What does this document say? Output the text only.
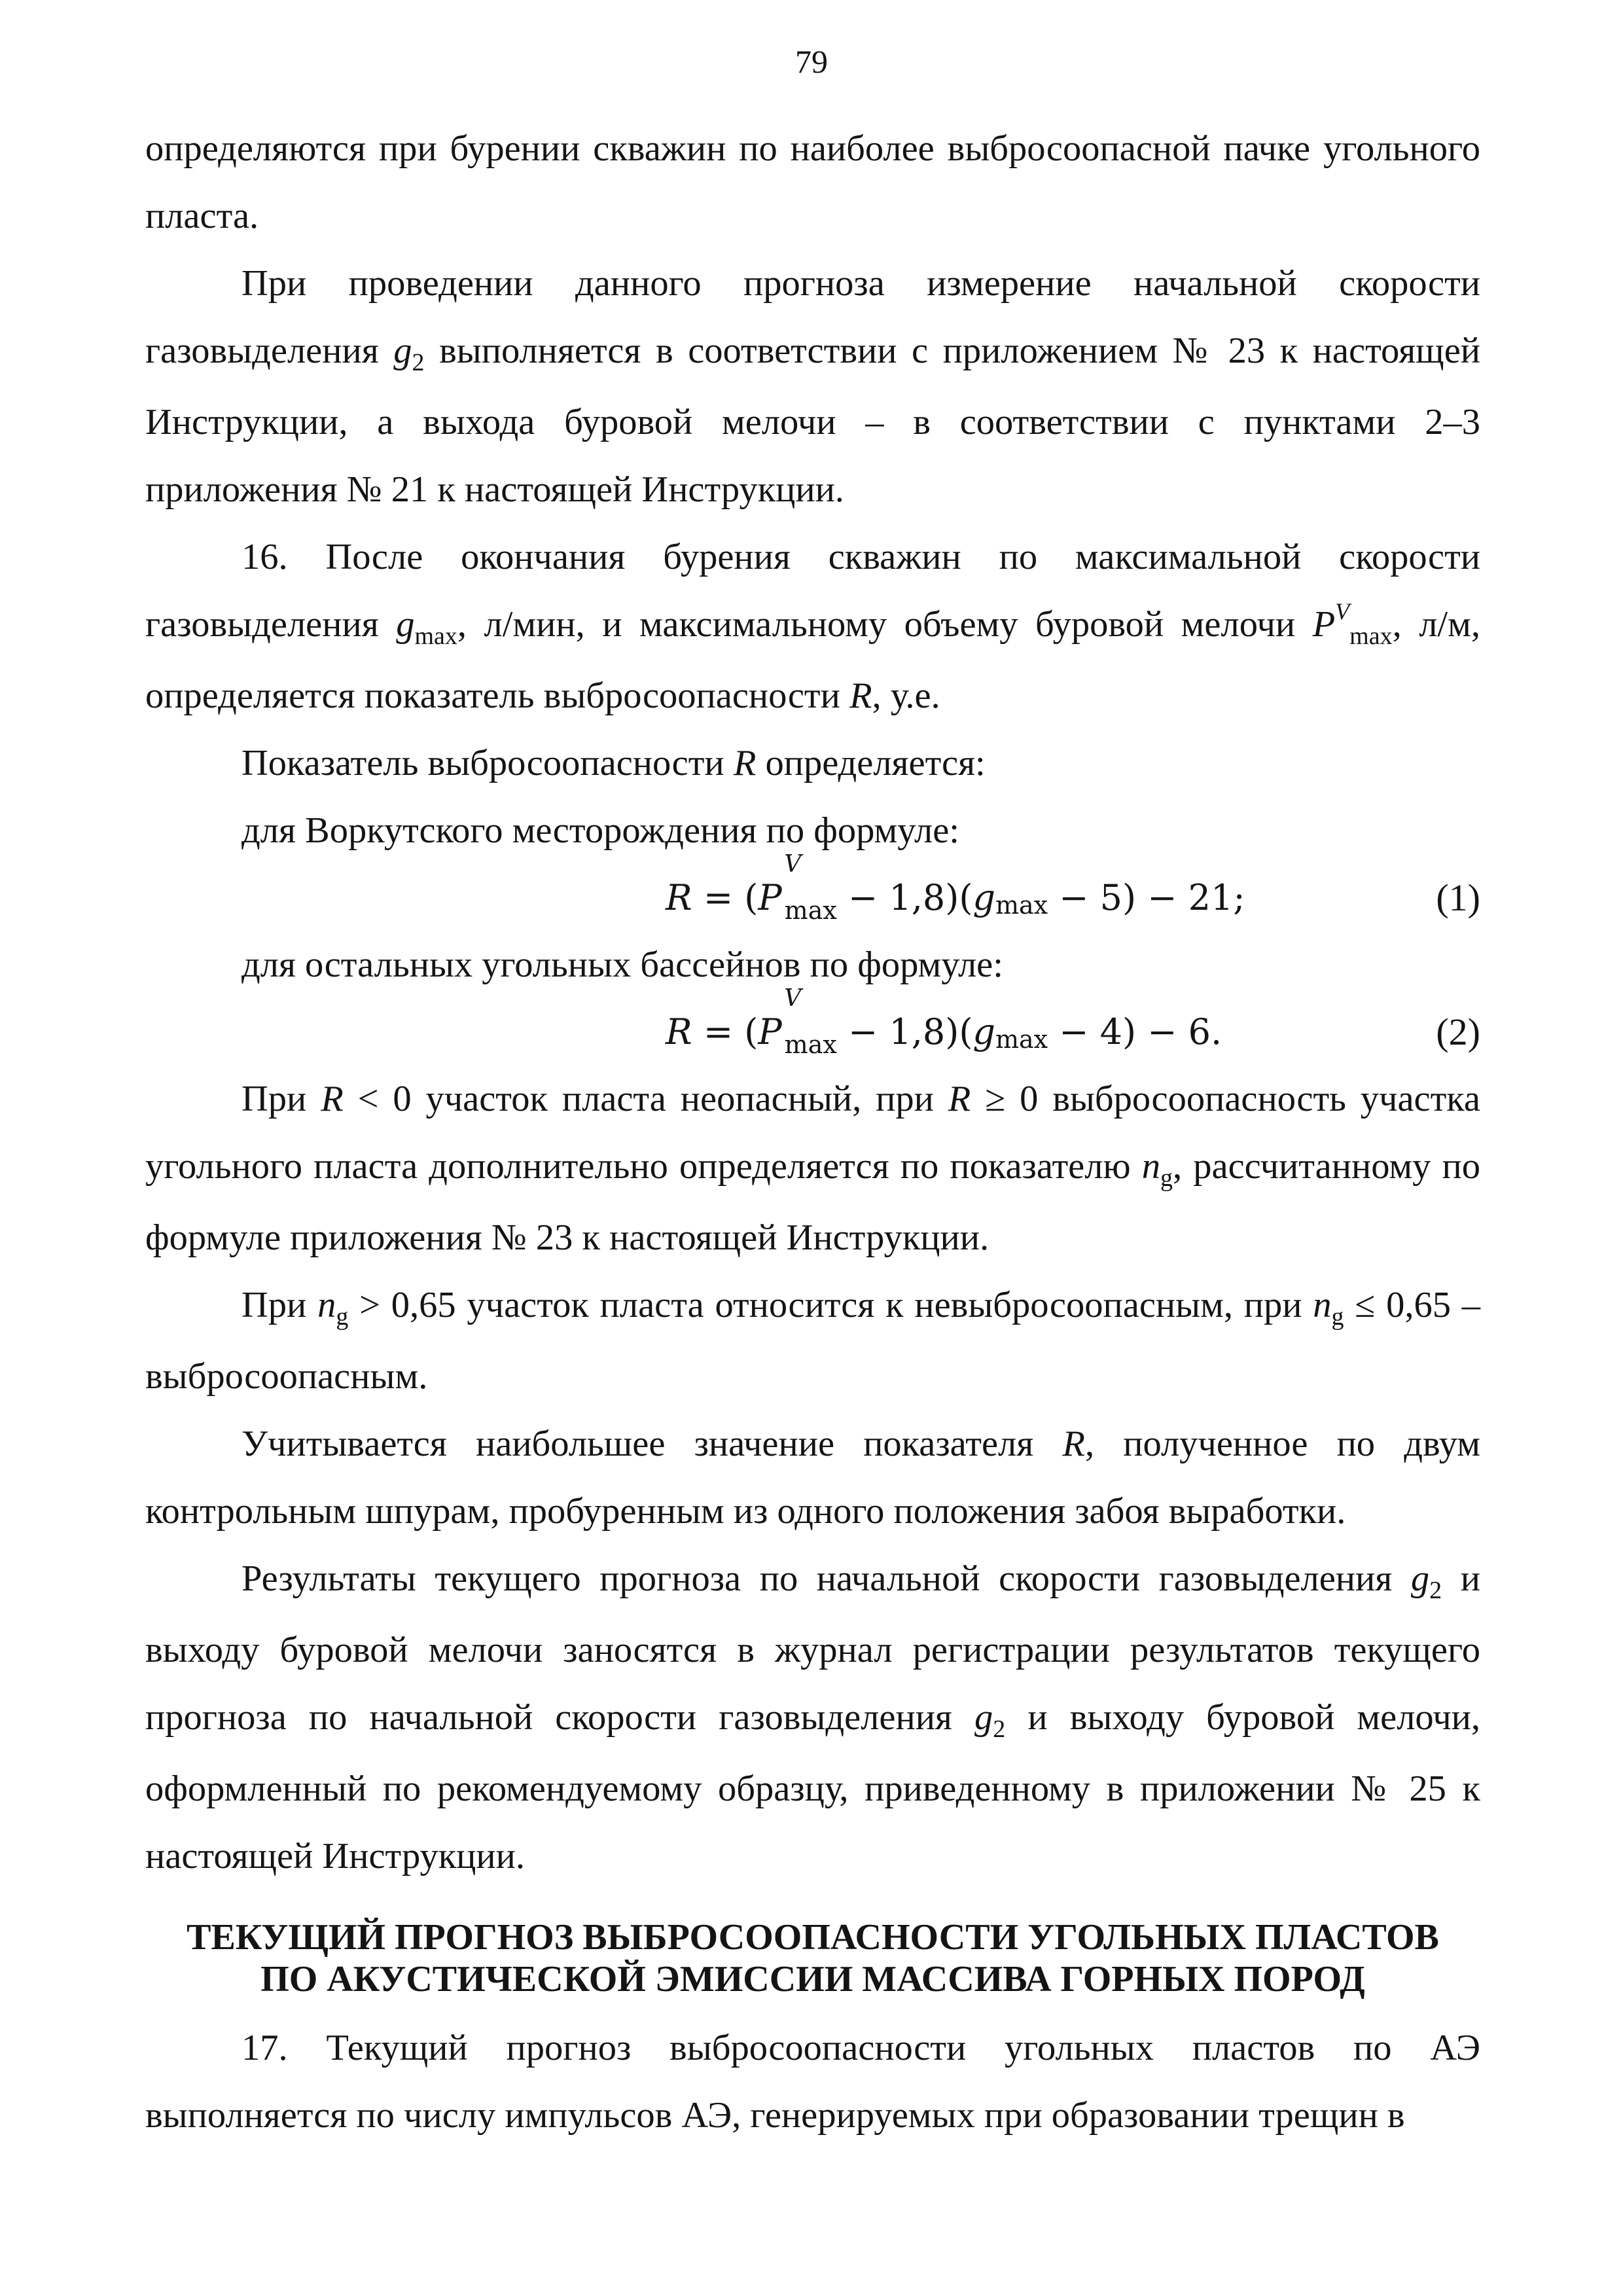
79

определяются при бурении скважин по наиболее выбросоопасной пачке угольного пласта.

При проведении данного прогноза измерение начальной скорости газовыделения $g_2$ выполняется в соответствии с приложением № 23 к настоящей Инструкции, а выхода буровой мелочи – в соответствии с пунктами 2–3 приложения № 21 к настоящей Инструкции.

16. После окончания бурения скважин по максимальной скорости газовыделения $g_{max}$, л/мин, и максимальному объему буровой мелочи $P^V_{max}$, л/м, определяется показатель выбросоопасности R, у.е.

Показатель выбросоопасности R определяется:

для Воркутского месторождения по формуле:

R = (P
V
$_{max} - 1,8)(g_{max} - 5) - 21$;	(1)

для остальных угольных бассейнов по формуле:

R = (P
V
$_{max} - 1,8)(g_{max} - 4) - 6$.	(2)

При R < 0 участок пласта неопасный, при R ≥ 0 выбросоопасность участка угольного пласта дополнительно определяется по показателю $n_g$, рассчитанному по формуле приложения № 23 к настоящей Инструкции.

При $n_g > 0,65$ участок пласта относится к невыбросоопасным, при $n_g \le 0,65$ – выбросоопасным.

Учитывается наибольшее значение показателя R, полученное по двум контрольным шпурам, пробуренным из одного положения забоя выработки.

Результаты текущего прогноза по начальной скорости газовыделения $g_2$ и выходу буровой мелочи заносятся в журнал регистрации результатов текущего прогноза по начальной скорости газовыделения $g_2$ и выходу буровой мелочи, оформленный по рекомендуемому образцу, приведенному в приложении № 25 к настоящей Инструкции.

ТЕКУЩИЙ ПРОГНОЗ ВЫБРОСООПАСНОСТИ УГОЛЬНЫХ ПЛАСТОВ
ПО АКУСТИЧЕСКОЙ ЭМИССИИ МАССИВА ГОРНЫХ ПОРОД

17. Текущий прогноз выбросоопасности угольных пластов по АЭ выполняется по числу импульсов АЭ, генерируемых при образовании трещин в
